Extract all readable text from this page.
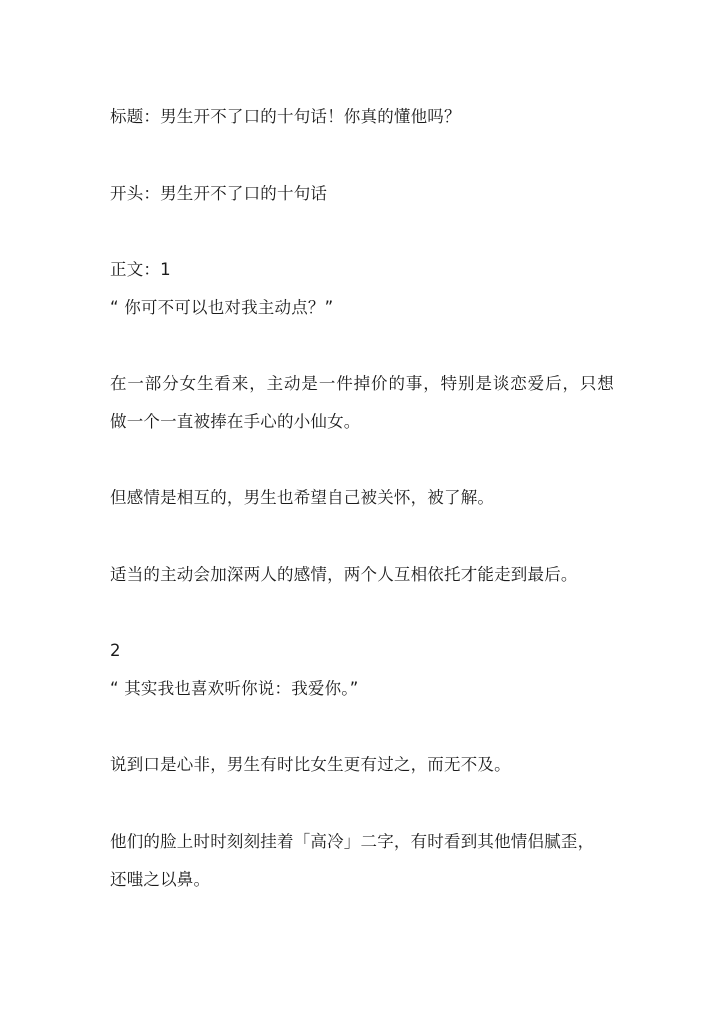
标题：男生开不了口的十句话！你真的懂他吗？
开头：男生开不了口的十句话
正文：1
“ 你可不可以也对我主动点？”
在一部分女生看来，主动是一件掉价的事，特别是谈恋爱后，只想
做一个一直被捧在手心的小仙女。
但感情是相互的，男生也希望自己被关怀，被了解。
适当的主动会加深两人的感情，两个人互相依托才能走到最后。
2
“ 其实我也喜欢听你说：我爱你。”
说到口是心非，男生有时比女生更有过之，而无不及。
他们的脸上时时刻刻挂着「高冷」二字，有时看到其他情侣腻歪，
还嗤之以鼻。
